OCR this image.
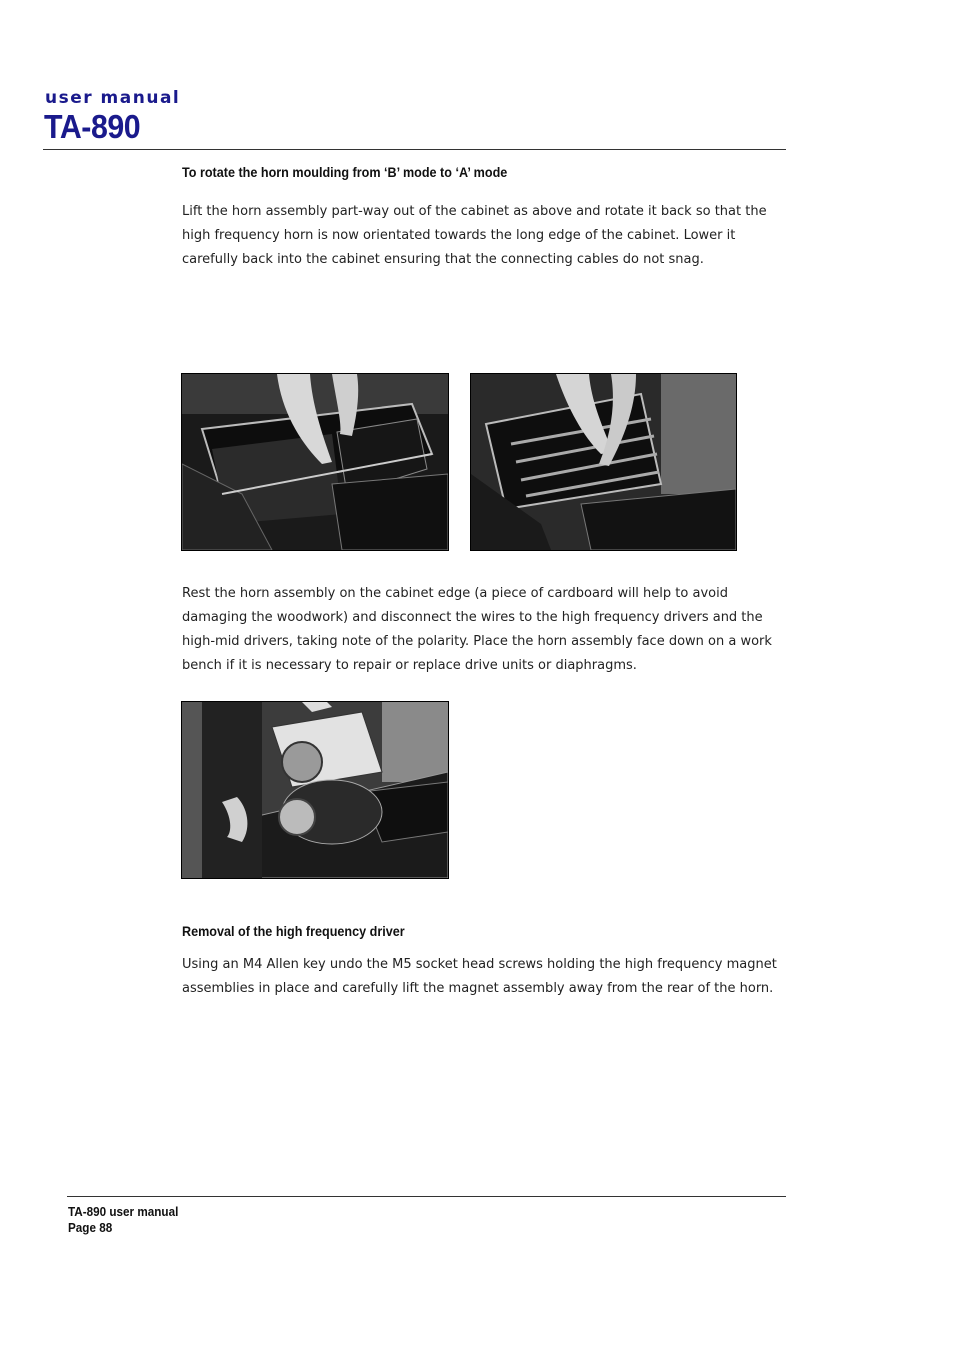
user manual
TA-890
To rotate the horn moulding from ‘B’ mode to ‘A’ mode
Lift the horn assembly part-way out of the cabinet as above and rotate it back so that the high frequency horn is now orientated towards the long edge of the cabinet. Lower it carefully back into the cabinet ensuring that the connecting cables do not snag.
Rest the horn assembly on the cabinet edge (a piece of cardboard will help to avoid damaging the woodwork) and disconnect the wires to the high frequency drivers and the high-mid drivers, taking note of the polarity. Place the horn assembly face down on a work bench if it is necessary to repair or replace drive units or diaphragms.
Removal of the high frequency driver
Using an M4 Allen key undo the M5 socket head screws holding the high frequency magnet assemblies in place and carefully lift the magnet assembly away from the rear of the horn.
TA-890 user manual
Page 88
